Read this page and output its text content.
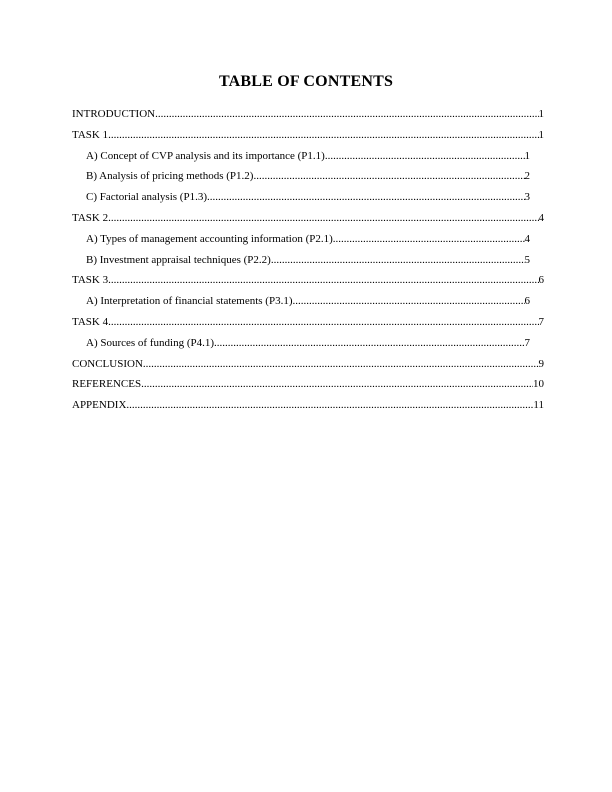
TABLE OF CONTENTS
INTRODUCTION .....	1
TASK 1 .....	1
A) Concept of CVP analysis and its importance (P1.1) .....	1
B) Analysis of pricing methods (P1.2) .....	2
C) Factorial analysis (P1.3) .....	3
TASK 2 .....	4
A) Types of management accounting information (P2.1) .....	4
B) Investment appraisal techniques (P2.2) .....	5
TASK 3 .....	6
A) Interpretation of financial statements (P3.1) .....	6
TASK 4 .....	7
A) Sources of funding (P4.1) .....	7
CONCLUSION .....	9
REFERENCES .....	10
APPENDIX .....	11
